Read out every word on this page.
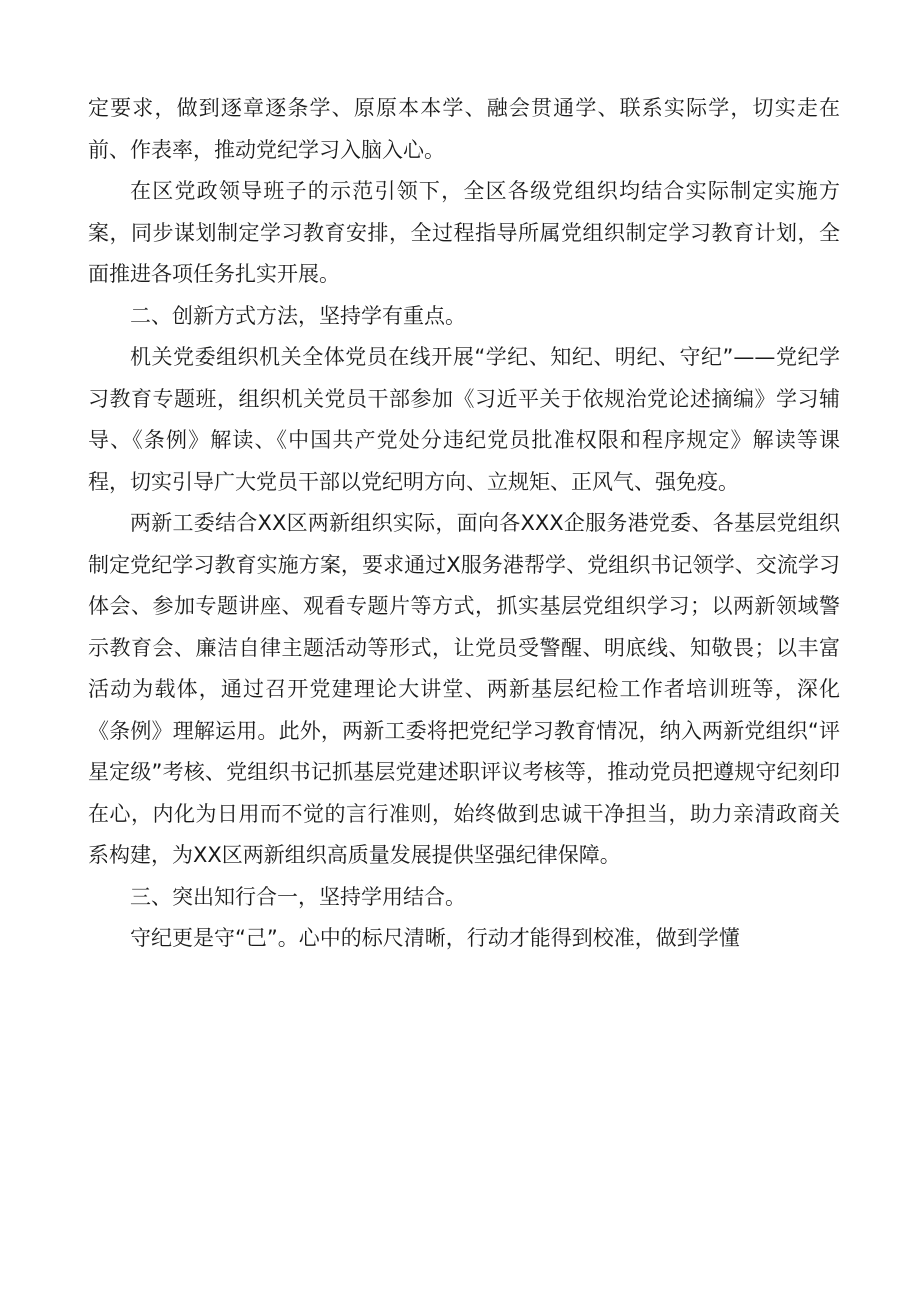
定要求，做到逐章逐条学、原原本本学、融会贯通学、联系实际学，切实走在前、作表率，推动党纪学习入脑入心。

在区党政领导班子的示范引领下，全区各级党组织均结合实际制定实施方案，同步谋划制定学习教育安排，全过程指导所属党组织制定学习教育计划，全面推进各项任务扎实开展。

二、创新方式方法，坚持学有重点。

机关党委组织机关全体党员在线开展“学纪、知纪、明纪、守纪”——党纪学习教育专题班，组织机关党员干部参加《习近平关于依规治党论述摘编》学习辅导、《条例》解读、《中国共产党处分违纪党员批准权限和程序规定》解读等课程，切实引导广大党员干部以党纪明方向、立规矩、正风气、强免疫。

两新工委结合XX区两新组织实际，面向各XXX企服务港党委、各基层党组织制定党纪学习教育实施方案，要求通过X服务港帮学、党组织书记领学、交流学习体会、参加专题讲座、观看专题片等方式，抓实基层党组织学习；以两新领域警示教育会、廉洁自律主题活动等形式，让党员受警醒、明底线、知敬畏；以丰富活动为载体，通过召开党建理论大讲堂、两新基层纪检工作者培训班等，深化《条例》理解运用。此外，两新工委将把党纪学习教育情况，纳入两新党组织“评星定级”考核、党组织书记抓基层党建述职评议考核等，推动党员把遵规守纪刻印在心，内化为日用而不觉的言行准则，始终做到忠诚干净担当，助力亲清政商关系构建，为XX区两新组织高质量发展提供坚强纪律保障。

三、突出知行合一，坚持学用结合。

守纪更是守“己”。心中的标尺清晰，行动才能得到校准，做到学懂
